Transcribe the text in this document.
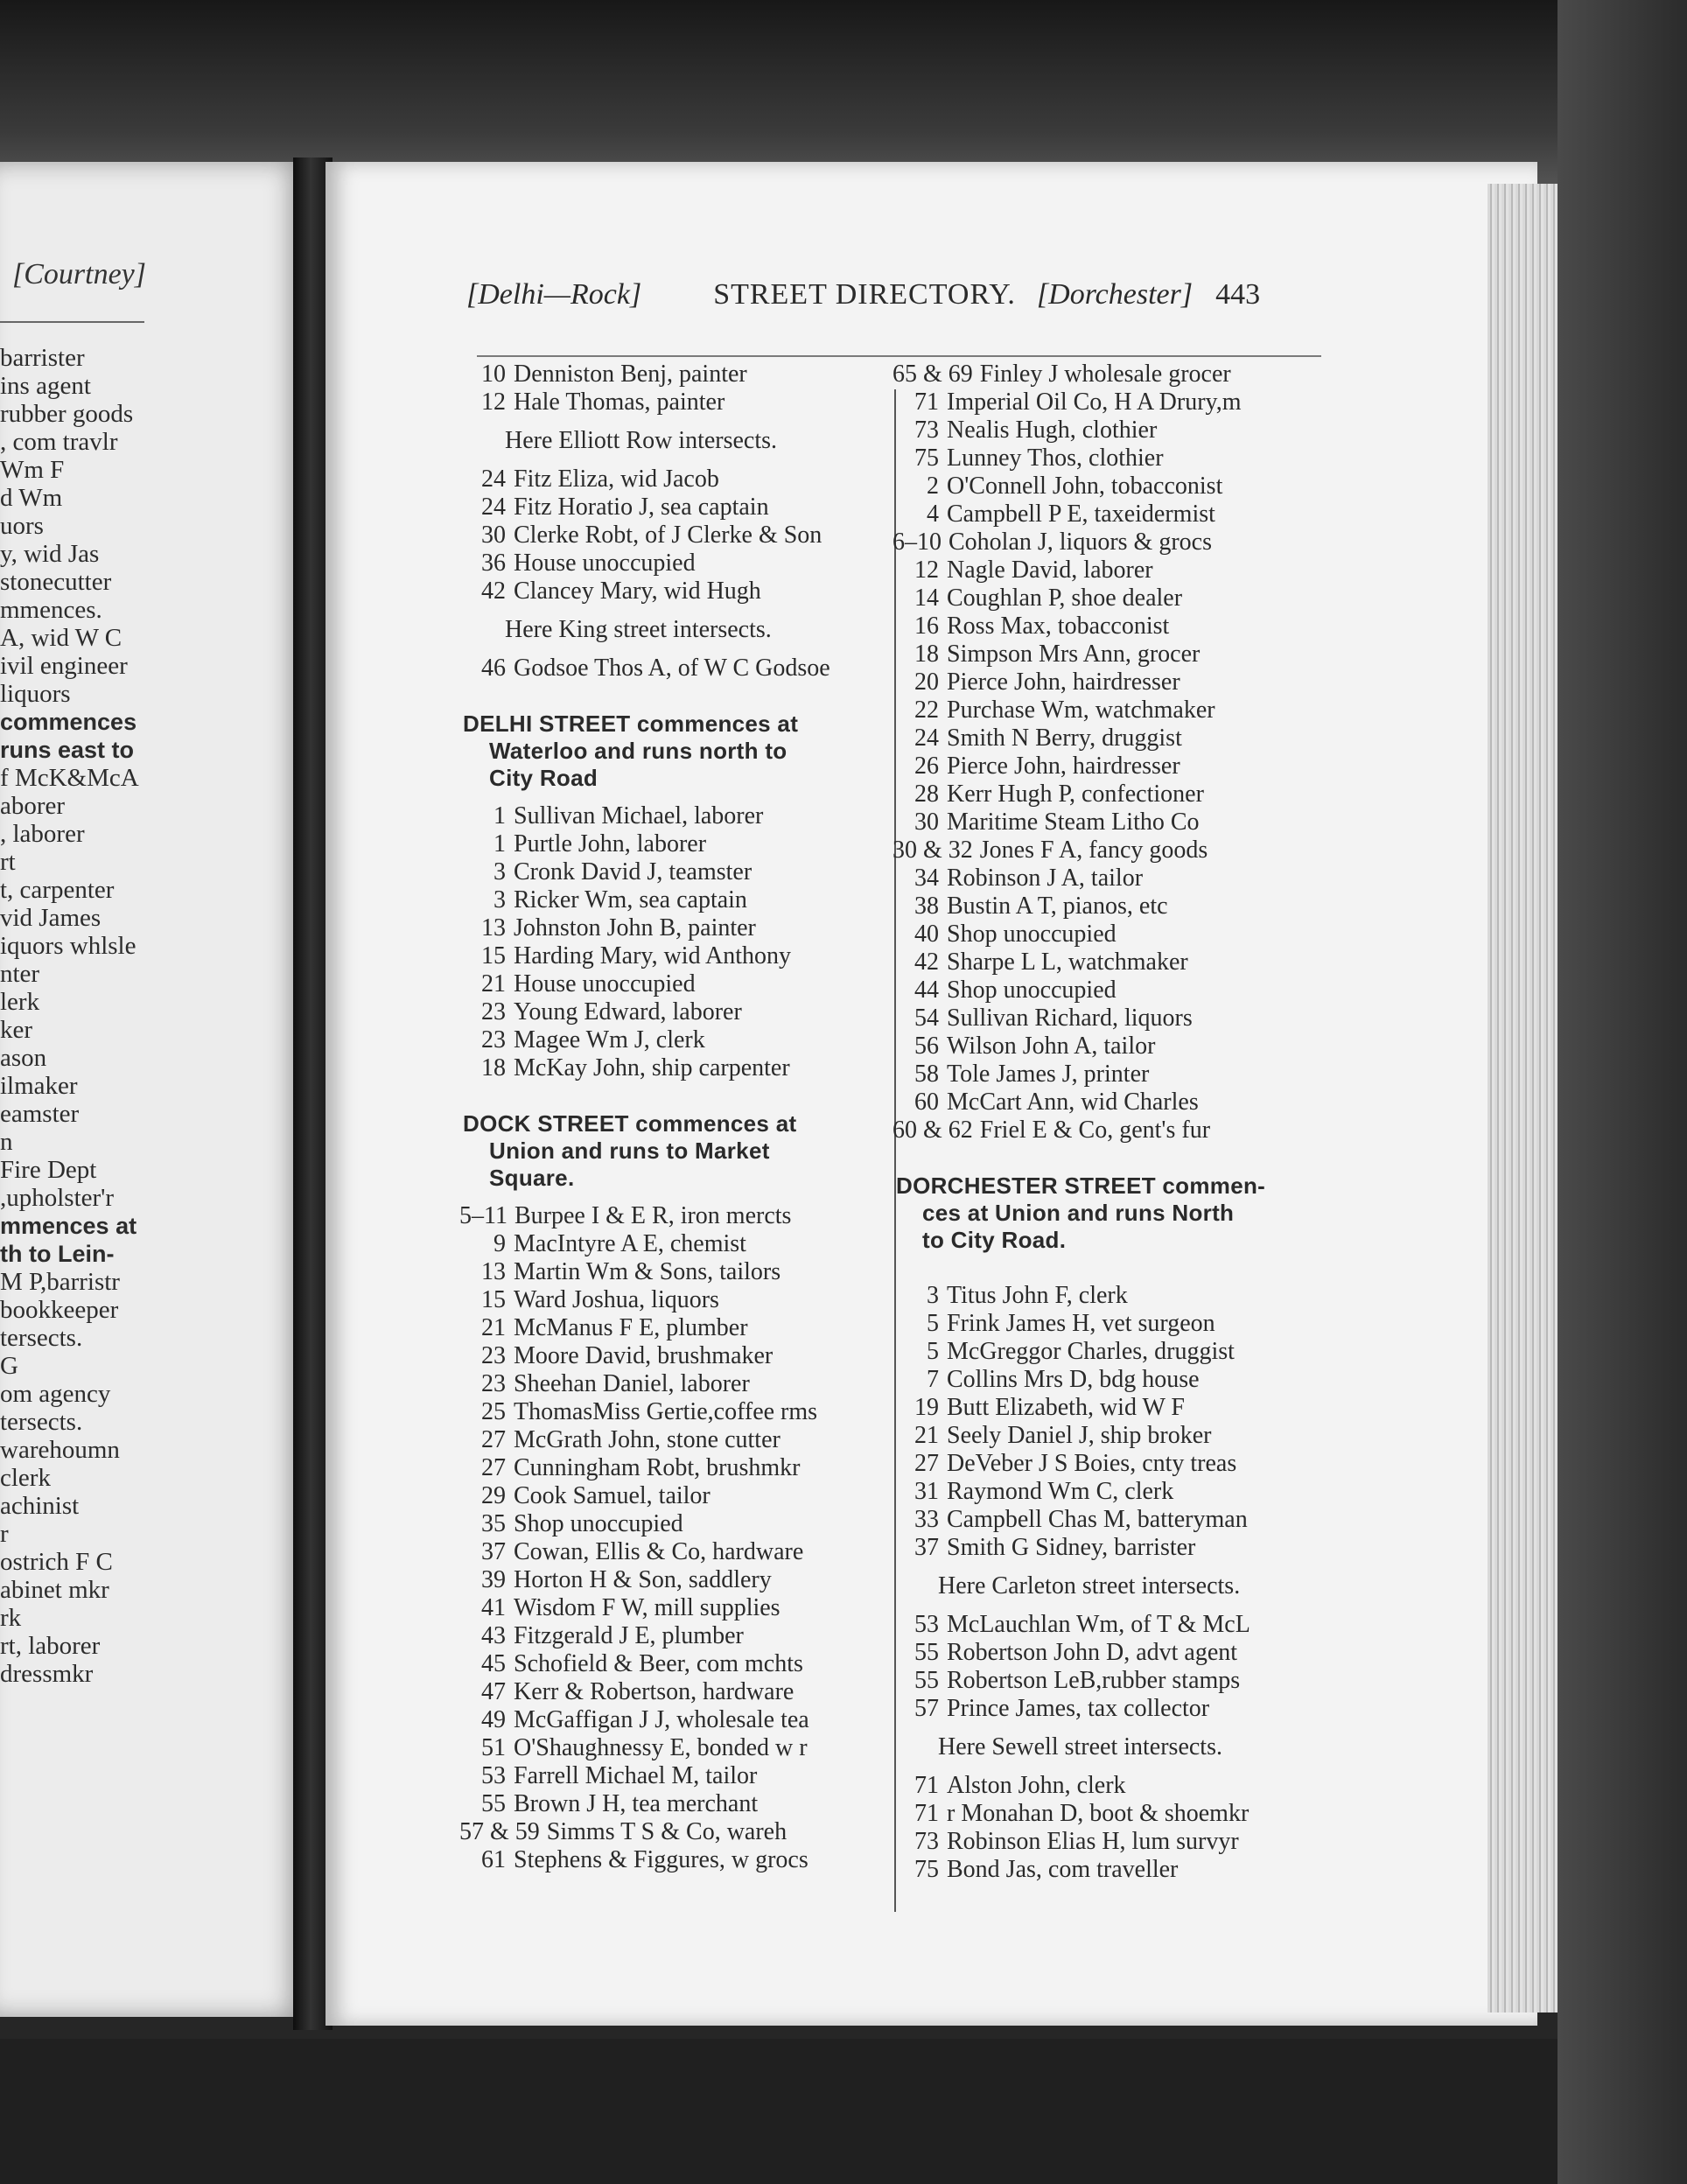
[Courtney]
barrister
ins agent
rubber goods
, com travlr
Wm F
d Wm
uors
y, wid Jas
stonecutter
mmences.
A, wid W C
ivil engineer
liquors
commences
runs east to
f McK&McA
aborer
, laborer
rt
t, carpenter
vid James
iquors whlsle
nter
lerk
ker
ason
ilmaker
eamster
n
Fire Dept
,upholster'r
mmences at
th to Lein-
M P,barristr
bookkeeper
tersects.
G
om agency
tersects.
warehoumn
clerk
achinist
r
ostrich F C
abinet mkr
rk
rt, laborer
dressmkr
[Delhi—Rock] STREET DIRECTORY. [Dorchester] 443
10 Denniston Benj, painter
12 Hale Thomas, painter
Here Elliott Row intersects.
24 Fitz Eliza, wid Jacob
24 Fitz Horatio J, sea captain
30 Clerke Robt, of J Clerke & Son
36 House unoccupied
42 Clancey Mary, wid Hugh
Here King street intersects.
46 Godsoe Thos A, of W C Godsoe
DELHI STREET commences at
Waterloo and runs north to
City Road
1 Sullivan Michael, laborer
1 Purtle John, laborer
3 Cronk David J, teamster
3 Ricker Wm, sea captain
13 Johnston John B, painter
15 Harding Mary, wid Anthony
21 House unoccupied
23 Young Edward, laborer
23 Magee Wm J, clerk
18 McKay John, ship carpenter
DOCK STREET commences at
Union and runs to Market
Square.
5–11 Burpee I & E R, iron mercts
9 MacIntyre A E, chemist
13 Martin Wm & Sons, tailors
15 Ward Joshua, liquors
21 McManus F E, plumber
23 Moore David, brushmaker
23 Sheehan Daniel, laborer
25 ThomasMiss Gertie,coffee rms
27 McGrath John, stone cutter
27 Cunningham Robt, brushmkr
29 Cook Samuel, tailor
35 Shop unoccupied
37 Cowan, Ellis & Co, hardware
39 Horton H & Son, saddlery
41 Wisdom F W, mill supplies
43 Fitzgerald J E, plumber
45 Schofield & Beer, com mchts
47 Kerr & Robertson, hardware
49 McGaffigan J J, wholesale tea
51 O'Shaughnessy E, bonded w r
53 Farrell Michael M, tailor
55 Brown J H, tea merchant
57 & 59 Simms T S & Co, wareh
61 Stephens & Figgures, w grocs
65 & 69 Finley J wholesale grocer
71 Imperial Oil Co, H A Drury,m
73 Nealis Hugh, clothier
75 Lunney Thos, clothier
2 O'Connell John, tobacconist
4 Campbell P E, taxeidermist
6–10 Coholan J, liquors & grocs
12 Nagle David, laborer
14 Coughlan P, shoe dealer
16 Ross Max, tobacconist
18 Simpson Mrs Ann, grocer
20 Pierce John, hairdresser
22 Purchase Wm, watchmaker
24 Smith N Berry, druggist
26 Pierce John, hairdresser
28 Kerr Hugh P, confectioner
30 Maritime Steam Litho Co
30 & 32 Jones F A, fancy goods
34 Robinson J A, tailor
38 Bustin A T, pianos, etc
40 Shop unoccupied
42 Sharpe L L, watchmaker
44 Shop unoccupied
54 Sullivan Richard, liquors
56 Wilson John A, tailor
58 Tole James J, printer
60 McCart Ann, wid Charles
60 & 62 Friel E & Co, gent's fur
DORCHESTER STREET commen-
ces at Union and runs North
to City Road.
3 Titus John F, clerk
5 Frink James H, vet surgeon
5 McGreggor Charles, druggist
7 Collins Mrs D, bdg house
19 Butt Elizabeth, wid W F
21 Seely Daniel J, ship broker
27 DeVeber J S Boies, cnty treas
31 Raymond Wm C, clerk
33 Campbell Chas M, batteryman
37 Smith G Sidney, barrister
Here Carleton street intersects.
53 McLauchlan Wm, of T & McL
55 Robertson John D, advt agent
55 Robertson LeB,rubber stamps
57 Prince James, tax collector
Here Sewell street intersects.
71 Alston John, clerk
71 r Monahan D, boot & shoemkr
73 Robinson Elias H, lum survyr
75 Bond Jas, com traveller
